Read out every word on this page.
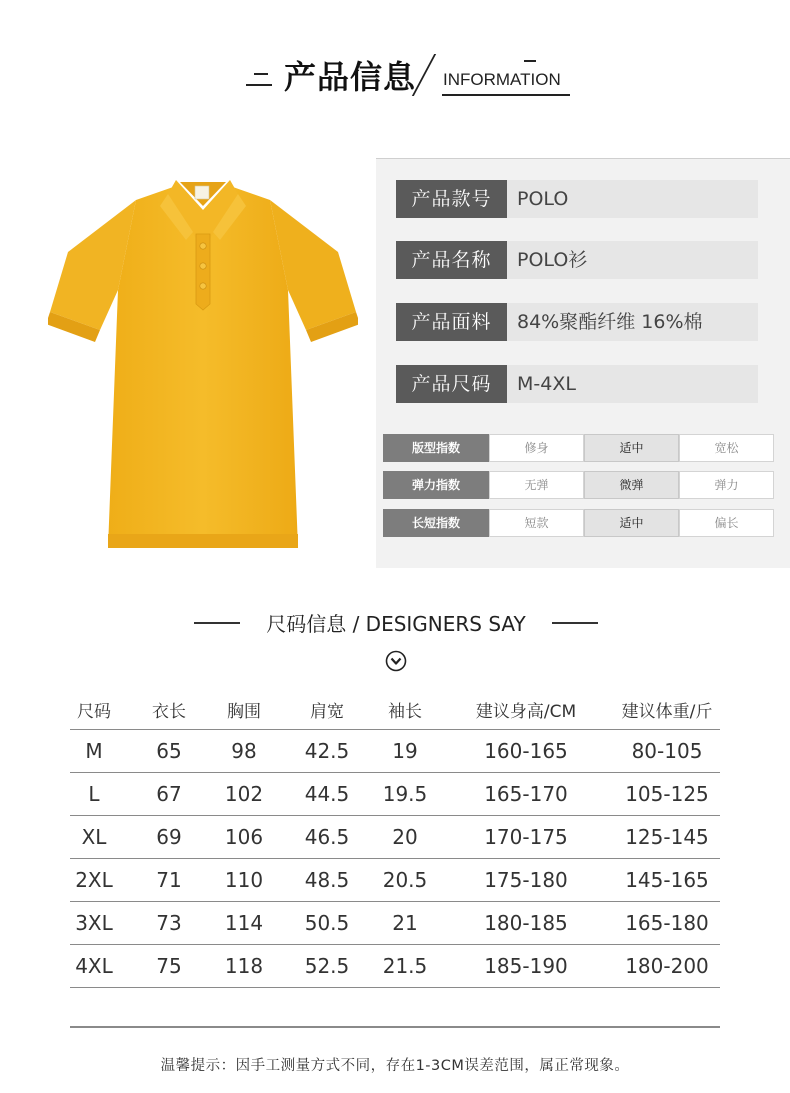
产品信息 INFORMATION
产品款号	POLO
产品名称	POLO衫
产品面料	84%聚酯纤维 16%棉
产品尺码	M-4XL
版型指数	修身	适中	宽松
弹力指数	无弹	微弹	弹力
长短指数	短款	适中	偏长
尺码信息 / DESIGNERS SAY
尺码	衣长	胸围	肩宽	袖长	建议身高/CM	建议体重/斤
M	65	98	42.5	19	160-165	80-105
L	67	102	44.5	19.5	165-170	105-125
XL	69	106	46.5	20	170-175	125-145
2XL	71	110	48.5	20.5	175-180	145-165
3XL	73	114	50.5	21	180-185	165-180
4XL	75	118	52.5	21.5	185-190	180-200
温馨提示：因手工测量方式不同，存在1-3CM误差范围，属正常现象。
